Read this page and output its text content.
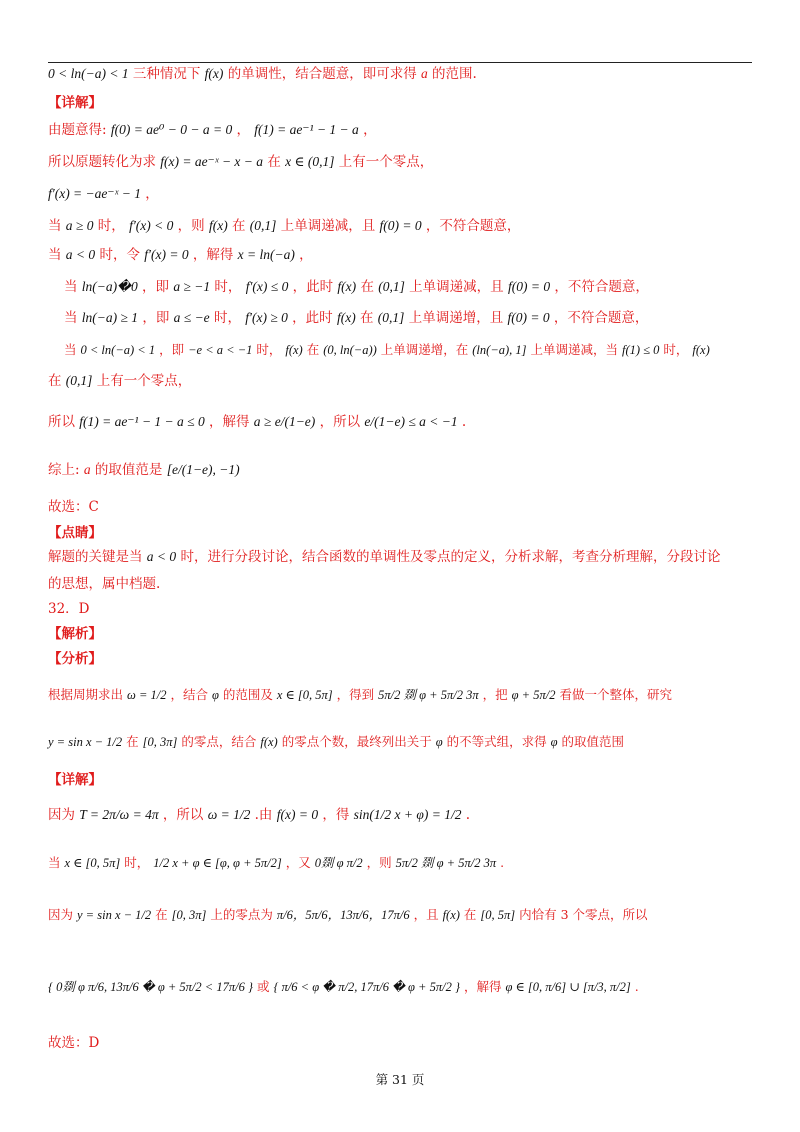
0 < ln(−a) < 1 三种情况下 f(x) 的单调性，结合题意，即可求得 a 的范围.
【详解】
由题意得: f(0) = ae⁰ − 0 − a = 0 ， f(1) = ae⁻¹ − 1 − a ，
所以原题转化为求 f(x) = ae⁻ˣ − x − a 在 x ∈ (0,1] 上有一个零点，
f′(x) = −ae⁻ˣ − 1 ，
当 a ≥ 0 时， f′(x) < 0 ，则 f(x) 在 (0,1] 上单调递减，且 f(0) = 0 ，不符合题意，
当 a < 0 时，令 f′(x) = 0 ，解得 x = ln(−a) ，
当 ln(−a)�0 ，即 a ≥ −1 时， f′(x) ≤ 0 ，此时 f(x) 在 (0,1] 上单调递减，且 f(0) = 0 ，不符合题意，
当 ln(−a) ≥ 1 ，即 a ≤ −e 时， f′(x) ≥ 0 ，此时 f(x) 在 (0,1] 上单调递增，且 f(0) = 0 ，不符合题意，
当 0 < ln(−a) < 1 ，即 −e < a < −1 时， f(x) 在 (0, ln(−a)) 上单调递增，在 (ln(−a), 1] 上单调递减，当 f(1) ≤ 0 时， f(x)
在 (0,1] 上有一个零点，
所以 f(1) = ae⁻¹ − 1 − a ≤ 0 ，解得 a ≥ e/(1−e) ，所以 e/(1−e) ≤ a < −1 .
综上: a 的取值范是 [e/(1−e), −1)
故选：C
【点睛】
解题的关键是当 a < 0 时，进行分段讨论，结合函数的单调性及零点的定义，分析求解，考查分析理解，分段讨论
的思想，属中档题.
32．D
【解析】
【分析】
根据周期求出 ω = 1/2 ，结合 φ 的范围及 x ∈ [0, 5π] ，得到 5π/2 剟 φ + 5π/2 3π ，把 φ + 5π/2 看做一个整体，研究
y = sin x − 1/2 在 [0, 3π] 的零点，结合 f(x) 的零点个数，最终列出关于 φ 的不等式组，求得 φ 的取值范围
【详解】
因为 T = 2π/ω = 4π ，所以 ω = 1/2 .由 f(x) = 0 ，得 sin(1/2 x + φ) = 1/2 .
当 x ∈ [0, 5π] 时， 1/2 x + φ ∈ [φ, φ + 5π/2] ，又 0剟 φ π/2 ，则 5π/2 剟 φ + 5π/2 3π .
因为 y = sin x − 1/2 在 [0, 3π] 上的零点为 π/6，5π/6，13π/6，17π/6 ，且 f(x) 在 [0, 5π] 内恰有 3 个零点，所以
{ 0剟 φ π/6, 13π/6 � φ + 5π/2 < 17π/6 } 或 { π/6 < φ � π/2, 17π/6 � φ + 5π/2 } ，解得 φ ∈ [0, π/6] ∪ [π/3, π/2] .
故选：D
第 31 页
